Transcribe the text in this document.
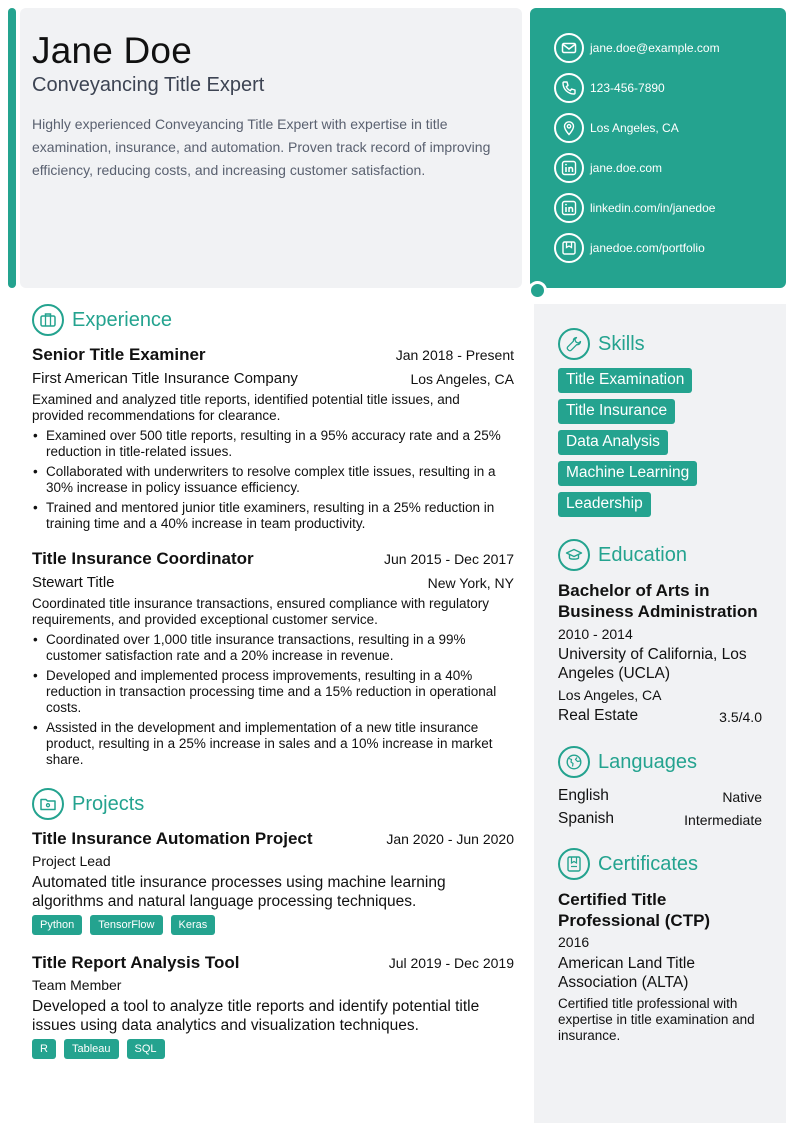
Jane Doe
Conveyancing Title Expert
Highly experienced Conveyancing Title Expert with expertise in title examination, insurance, and automation. Proven track record of improving efficiency, reducing costs, and increasing customer satisfaction.
jane.doe@example.com
123-456-7890
Los Angeles, CA
jane.doe.com
linkedin.com/in/janedoe
janedoe.com/portfolio
Experience
Senior Title Examiner	Jan 2018 - Present
First American Title Insurance Company	Los Angeles, CA
Examined and analyzed title reports, identified potential title issues, and provided recommendations for clearance.
• Examined over 500 title reports, resulting in a 95% accuracy rate and a 25% reduction in title-related issues.
• Collaborated with underwriters to resolve complex title issues, resulting in a 30% increase in policy issuance efficiency.
• Trained and mentored junior title examiners, resulting in a 25% reduction in training time and a 40% increase in team productivity.
Title Insurance Coordinator	Jun 2015 - Dec 2017
Stewart Title	New York, NY
Coordinated title insurance transactions, ensured compliance with regulatory requirements, and provided exceptional customer service.
• Coordinated over 1,000 title insurance transactions, resulting in a 99% customer satisfaction rate and a 20% increase in revenue.
• Developed and implemented process improvements, resulting in a 40% reduction in transaction processing time and a 15% reduction in operational costs.
• Assisted in the development and implementation of a new title insurance product, resulting in a 25% increase in sales and a 10% increase in market share.
Projects
Title Insurance Automation Project	Jan 2020 - Jun 2020
Project Lead
Automated title insurance processes using machine learning algorithms and natural language processing techniques.
Python	TensorFlow	Keras
Title Report Analysis Tool	Jul 2019 - Dec 2019
Team Member
Developed a tool to analyze title reports and identify potential title issues using data analytics and visualization techniques.
R	Tableau	SQL
Skills
Title Examination
Title Insurance
Data Analysis
Machine Learning
Leadership
Education
Bachelor of Arts in Business Administration
2010 - 2014
University of California, Los Angeles (UCLA)
Los Angeles, CA
Real Estate	3.5/4.0
Languages
English	Native
Spanish	Intermediate
Certificates
Certified Title Professional (CTP)
2016
American Land Title Association (ALTA)
Certified title professional with expertise in title examination and insurance.
